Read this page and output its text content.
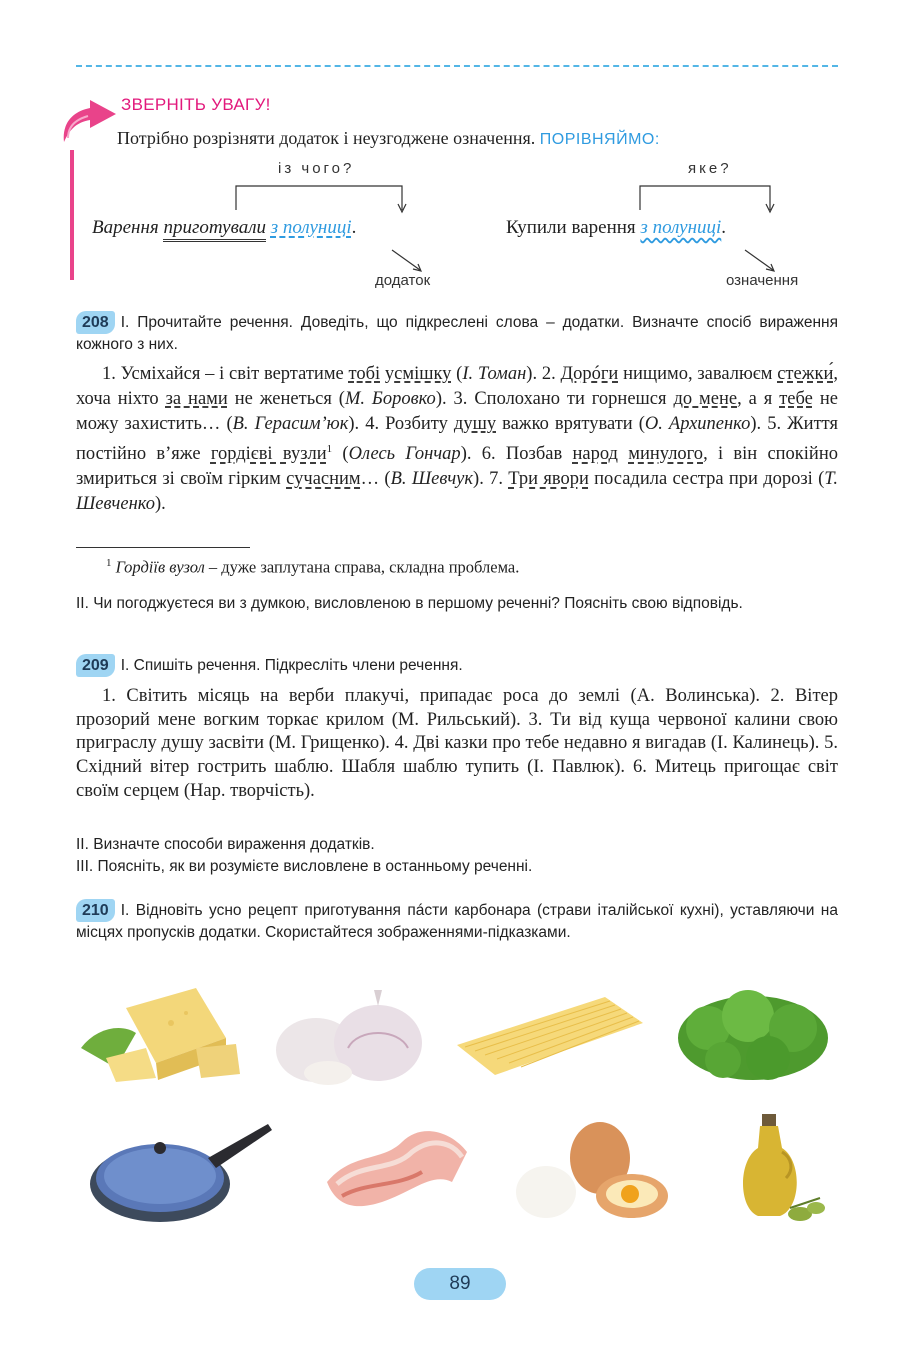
ЗВЕРНІТЬ УВАГУ!
Потрібно розрізняти додаток і неузгоджене означення. ПОРІВНЯЙМО:
із чого?	яке?
Варення приготували з полуниці.	Купили варення з полуниці.
додаток	означення
208 І. Прочитайте речення. Доведіть, що підкреслені слова – додатки. Визначте спосіб вираження кожного з них.
1. Усміхайся – і світ вертатиме тобі усмішку (І. Томан). 2. Дорóги нищимо, завалюєм стежки́, хоча ніхто за нами не женеться (М. Боровко). 3. Сполохано ти горнешся до мене, а я тебе не можу захистить… (В. Герасим’юк). 4. Розбиту душу важко врятувати (О. Архипенко). 5. Життя постійно в’яже гордієві вузли$^1$ (Олесь Гончар). 6. Позбав народ минулого, і він спокійно змириться зі своїм гірким сучасним… (В. Шевчук). 7. Три явори посадила сестра при дорозі (Т. Шевченко).
$^1$ Гордіїв вузол – дуже заплутана справа, складна проблема.
ІІ. Чи погоджуєтеся ви з думкою, висловленою в першому реченні? Поясніть свою відповідь.
209 І. Спишіть речення. Підкресліть члени речення.
1. Світить місяць на верби плакучі, припадає роса до землі (А. Волинська). 2. Вітер прозорий мене вогким торкає крилом (М. Рильський). 3. Ти від куща червоної калини свою приграслу душу засвіти (М. Грищенко). 4. Дві казки про тебе недавно я вигадав (І. Калинець). 5. Східний вітер гострить шаблю. Шабля шаблю тупить (І. Павлюк). 6. Митець пригощає світ своїм серцем (Нар. творчість).
ІІ. Визначте способи вираження додатків.
ІІІ. Поясніть, як ви розумієте висловлене в останньому реченні.
210 І. Відновіть усно рецепт приготування пáсти карбонара (страви італійської кухні), уставляючи на місцях пропусків додатки. Скористайтеся зображеннями-підказками.
89
